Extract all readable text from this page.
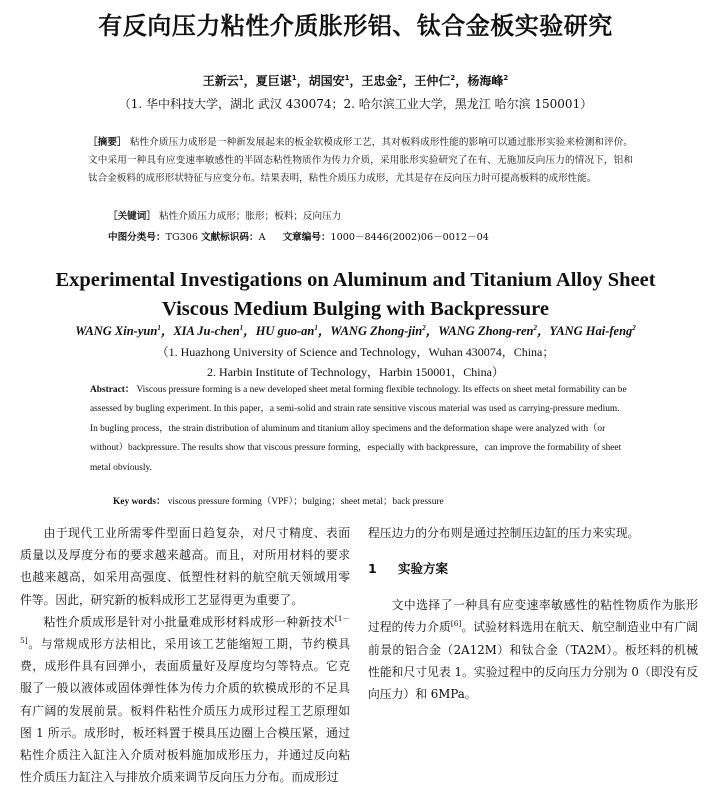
有反向压力粘性介质胀形铝、钛合金板实验研究
王新云$^1$，夏巨谌$^1$，胡国安$^1$，王忠金$^2$，王仲仁$^2$，杨海峰$^2$
（1. 华中科技大学，湖北 武汉 430074；2. 哈尔滨工业大学，黑龙江 哈尔滨 150001）
［摘要］ 粘性介质压力成形是一种新发展起来的板金软模成形工艺，其对板料成形性能的影响可以通过胀形实验来检测和评价。文中采用一种具有应变速率敏感性的半固态粘性物质作为传力介质，采用胀形实验研究了在有、无施加反向压力的情况下，铝和钛合金板料的成形形状特征与应变分布。结果表明，粘性介质压力成形，尤其是存在反向压力时可提高板料的成形性能。
［关键词］ 粘性介质压力成形；胀形；板料；反向压力
中图分类号：TG306 文献标识码：A 文章编号：1000－8446(2002)06－0012－04
Experimental Investigations on Aluminum and Titanium Alloy Sheet
Viscous Medium Bulging with Backpressure
WANG Xin-yun$^1$，XIA Ju-chen$^1$，HU guo-$an^1$，WANG Zhong-jin$^2$，WANG Zhong-ren$^2$，YANG Hai-feng$^2$
（1. Huazhong University of Science and Technology，Wuhan 430074，China；
2. Harbin Institute of Technology，Harbin 150001，China）
Abstract： Viscous pressure forming is a new developed sheet metal forming flexible technology. Its effects on sheet metal formability can be assessed by bugling experiment. In this paper，a semi-solid and strain rate sensitive viscous material was used as carrying-pressure medium. In bugling process，the strain distribution of aluminum and titanium alloy specimens and the deformation shape were analyzed with（or without）backpressure. The results show that viscous pressure forming，especially with backpressure，can improve the formability of sheet metal obviously.
Key words： viscous pressure forming（VPF）；bulging；sheet metal；back pressure

由于现代工业所需零件型面日趋复杂，对尺寸精度、表面质量以及厚度分布的要求越来越高。而且，对所用材料的要求也越来越高，如采用高强度、低塑性材料的航空航天领域用零件等。因此，研究新的板料成形工艺显得更为重要了。

粘性介质成形是针对小批量难成形材料成形一种新技术[1－5]。与常规成形方法相比，采用该工艺能缩短工期，节约模具费，成形件具有回弹小，表面质量好及厚度均匀等特点。它克服了一般以液体或固体弹性体为传力介质的软模成形的不足具有广阔的发展前景。板料件粘性介质压力成形过程工艺原理如图 1 所示。成形时，板坯料置于模具压边圈上合模压紧，通过粘性介质注入缸注入介质对板料施加成形压力，并通过反向粘性介质压力缸注入与排放介质来调节反向压力分布。而成形过

程压边力的分布则是通过控制压边缸的压力来实现。

1 实验方案

文中选择了一种具有应变速率敏感性的粘性物质作为胀形过程的传力介质[6]。试验材料选用在航天、航空制造业中有广阔前景的铝合金（2A12M）和钛合金（TA2M）。板坯料的机械性能和尺寸见表 1。实验过程中的反向压力分别为 0（即没有反向压力）和 6MPa。
